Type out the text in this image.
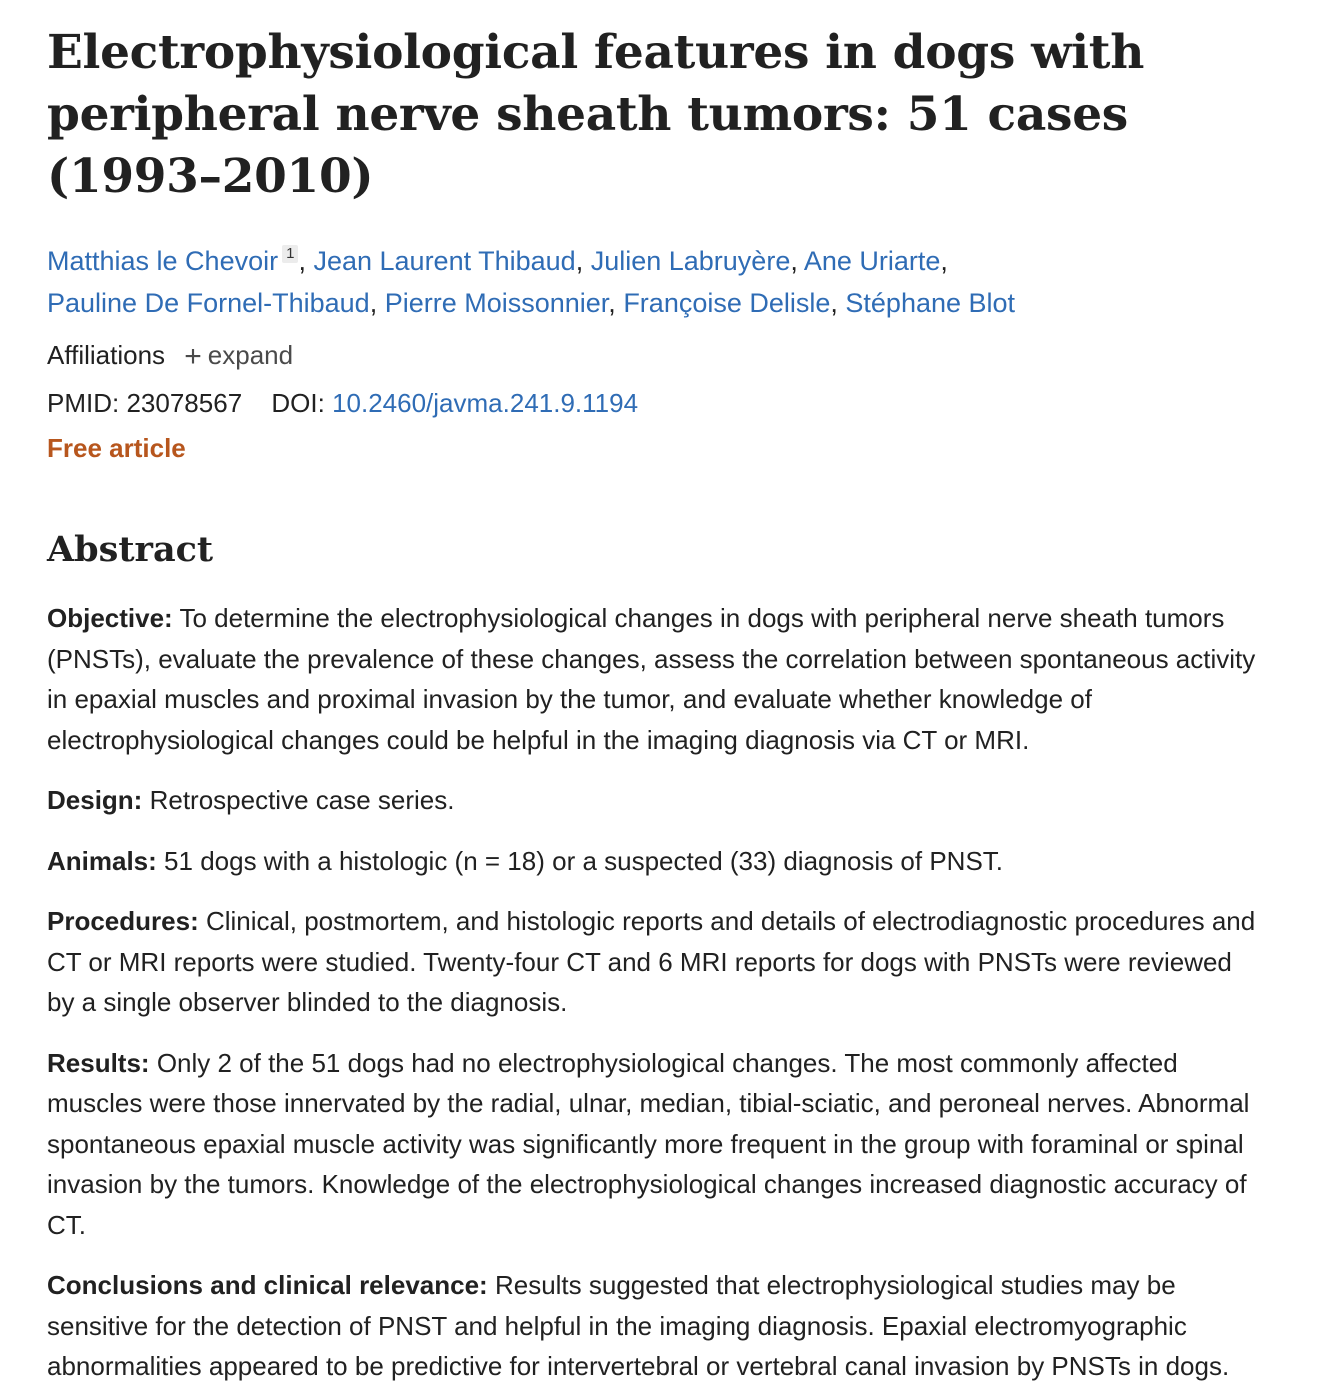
Electrophysiological features in dogs with peripheral nerve sheath tumors: 51 cases (1993–2010)
Matthias le Chevoir 1 , Jean Laurent Thibaud, Julien Labruyère, Ane Uriarte,
Pauline De Fornel-Thibaud, Pierre Moissonnier, Françoise Delisle, Stéphane Blot
Affiliations + expand
PMID: 23078567 DOI: 10.2460/javma.241.9.1194
Free article
Abstract

Objective: To determine the electrophysiological changes in dogs with peripheral nerve sheath tumors (PNSTs), evaluate the prevalence of these changes, assess the correlation between spontaneous activity in epaxial muscles and proximal invasion by the tumor, and evaluate whether knowledge of electrophysiological changes could be helpful in the imaging diagnosis via CT or MRI.

Design: Retrospective case series.

Animals: 51 dogs with a histologic (n = 18) or a suspected (33) diagnosis of PNST.

Procedures: Clinical, postmortem, and histologic reports and details of electrodiagnostic procedures and CT or MRI reports were studied. Twenty-four CT and 6 MRI reports for dogs with PNSTs were reviewed by a single observer blinded to the diagnosis.

Results: Only 2 of the 51 dogs had no electrophysiological changes. The most commonly affected muscles were those innervated by the radial, ulnar, median, tibial-sciatic, and peroneal nerves. Abnormal spontaneous epaxial muscle activity was significantly more frequent in the group with foraminal or spinal invasion by the tumors. Knowledge of the electrophysiological changes increased diagnostic accuracy of CT.

Conclusions and clinical relevance: Results suggested that electrophysiological studies may be sensitive for the detection of PNST and helpful in the imaging diagnosis. Epaxial electromyographic abnormalities appeared to be predictive for intervertebral or vertebral canal invasion by PNSTs in dogs.
